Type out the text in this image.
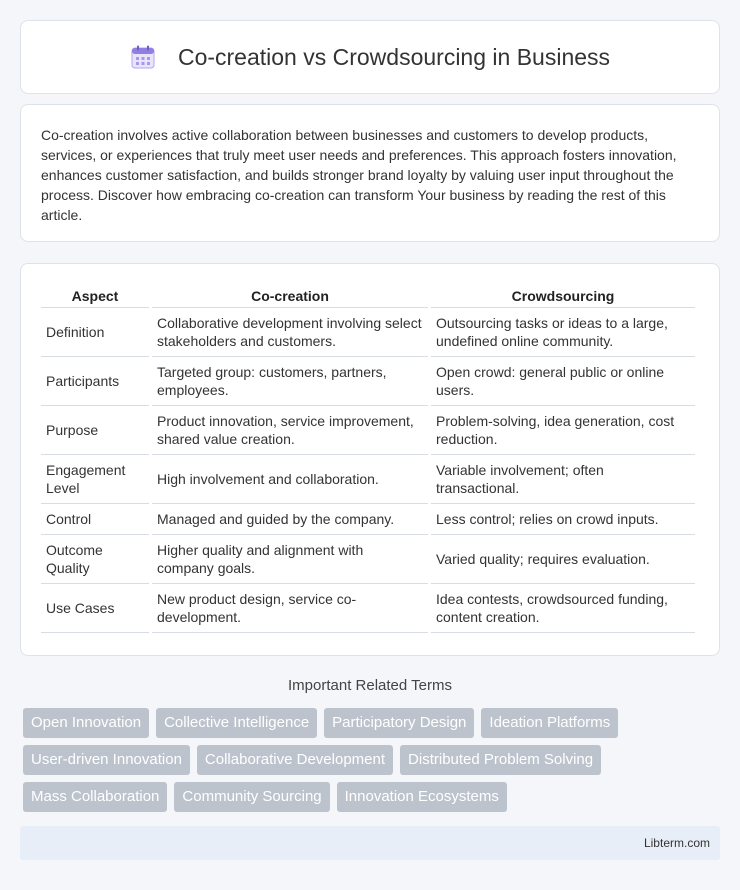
Co-creation vs Crowdsourcing in Business

Co-creation involves active collaboration between businesses and customers to develop products, services, or experiences that truly meet user needs and preferences. This approach fosters innovation, enhances customer satisfaction, and builds stronger brand loyalty by valuing user input throughout the process. Discover how embracing co-creation can transform Your business by reading the rest of this article.

Aspect	Co-creation	Crowdsourcing
Definition	Collaborative development involving select stakeholders and customers.	Outsourcing tasks or ideas to a large, undefined online community.
Participants	Targeted group: customers, partners, employees.	Open crowd: general public or online users.
Purpose	Product innovation, service improvement, shared value creation.	Problem-solving, idea generation, cost reduction.
Engagement Level	High involvement and collaboration.	Variable involvement; often transactional.
Control	Managed and guided by the company.	Less control; relies on crowd inputs.
Outcome Quality	Higher quality and alignment with company goals.	Varied quality; requires evaluation.
Use Cases	New product design, service co-development.	Idea contests, crowdsourced funding, content creation.
Important Related Terms
Open Innovation	Collective Intelligence	Participatory Design	Ideation Platforms
User-driven Innovation	Collaborative Development	Distributed Problem Solving
Mass Collaboration	Community Sourcing	Innovation Ecosystems
Libterm.com
